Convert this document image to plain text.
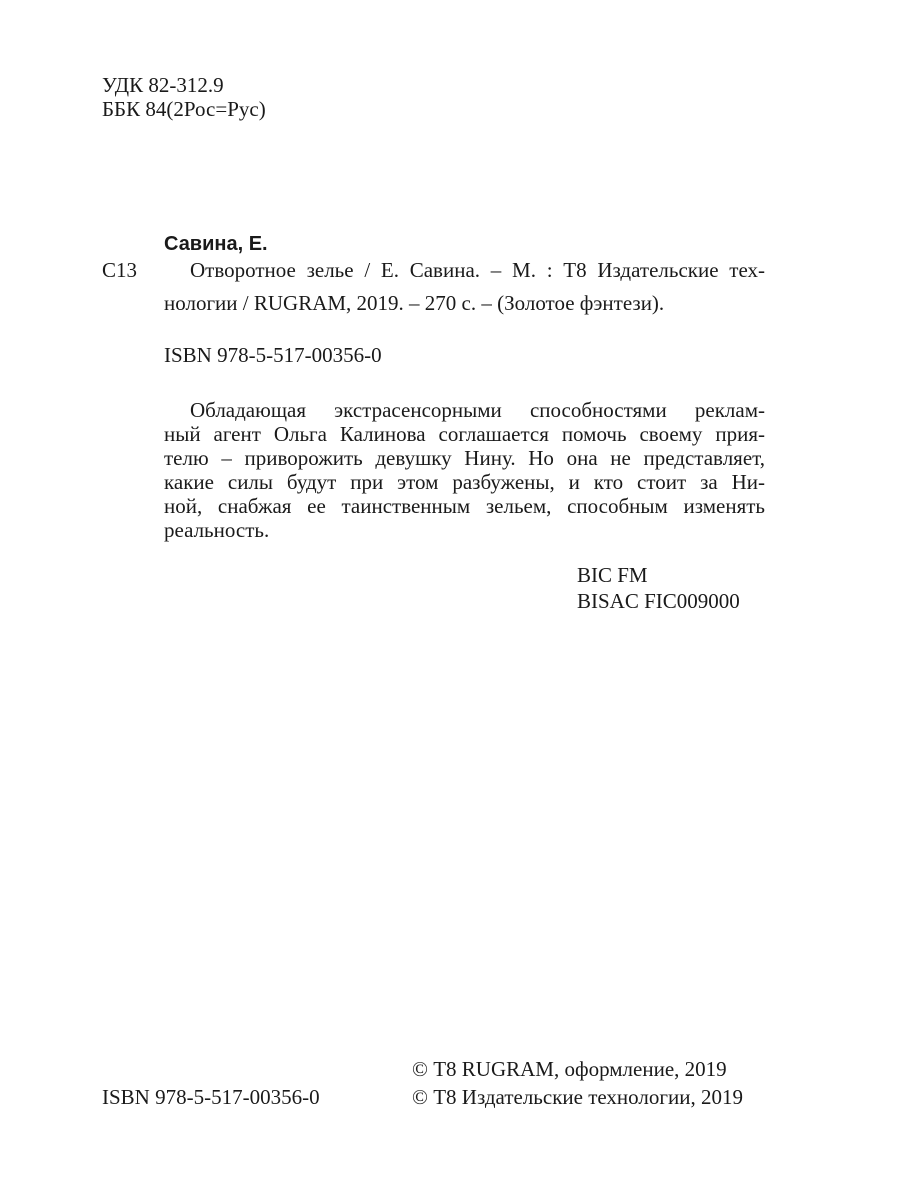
УДК 82-312.9
ББК 84(2Рос=Рус)
Савина, Е.
С13	Отворотное зелье / Е. Савина. – М. : Т8 Издательские тех-
нологии / RUGRAM, 2019. – 270 с. – (Золотое фэнтези).
ISBN 978-5-517-00356-0
Обладающая экстрасенсорными способностями реклам-
ный агент Ольга Калинова соглашается помочь своему прия-
телю – приворожить девушку Нину. Но она не представляет,
какие силы будут при этом разбужены, и кто стоит за Ни-
ной, снабжая ее таинственным зельем, способным изменять
реальность.
BIC FM
BISAC FIC009000
© Т8 RUGRAM, оформление, 2019
ISBN 978-5-517-00356-0	© Т8 Издательские технологии, 2019
